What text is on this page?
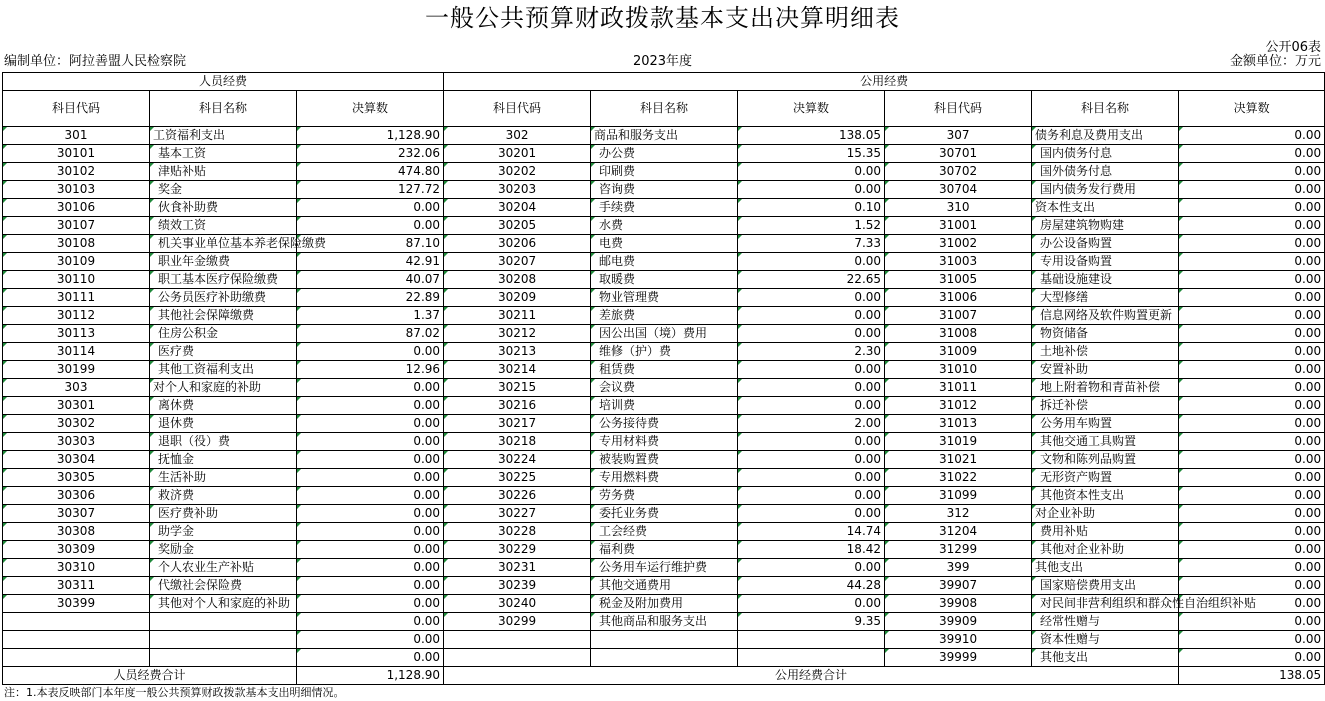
一般公共预算财政拨款基本支出决算明细表
公开06表
编制单位：阿拉善盟人民检察院	2023年度	金额单位：万元
人员经费			公用经费					
科目代码	科目名称	决算数	科目代码	科目名称	决算数	科目代码	科目名称	决算数
301	工资福利支出	1,128.90	302	商品和服务支出	138.05	307	债务利息及费用支出	0.00
30101	基本工资	232.06	30201	办公费	15.35	30701	国内债务付息	0.00
30102	津贴补贴	474.80	30202	印刷费	0.00	30702	国外债务付息	0.00
30103	奖金	127.72	30203	咨询费	0.00	30704	国内债务发行费用	0.00
30106	伙食补助费	0.00	30204	手续费	0.10	310	资本性支出	0.00
30107	绩效工资	0.00	30205	水费	1.52	31001	房屋建筑物购建	0.00
30108	机关事业单位基本养老保险缴费	87.10	30206	电费	7.33	31002	办公设备购置	0.00
30109	职业年金缴费	42.91	30207	邮电费	0.00	31003	专用设备购置	0.00
30110	职工基本医疗保险缴费	40.07	30208	取暖费	22.65	31005	基础设施建设	0.00
30111	公务员医疗补助缴费	22.89	30209	物业管理费	0.00	31006	大型修缮	0.00
30112	其他社会保障缴费	1.37	30211	差旅费	0.00	31007	信息网络及软件购置更新	0.00
30113	住房公积金	87.02	30212	因公出国（境）费用	0.00	31008	物资储备	0.00
30114	医疗费	0.00	30213	维修（护）费	2.30	31009	土地补偿	0.00
30199	其他工资福利支出	12.96	30214	租赁费	0.00	31010	安置补助	0.00
303	对个人和家庭的补助	0.00	30215	会议费	0.00	31011	地上附着物和青苗补偿	0.00
30301	离休费	0.00	30216	培训费	0.00	31012	拆迁补偿	0.00
30302	退休费	0.00	30217	公务接待费	2.00	31013	公务用车购置	0.00
30303	退职（役）费	0.00	30218	专用材料费	0.00	31019	其他交通工具购置	0.00
30304	抚恤金	0.00	30224	被装购置费	0.00	31021	文物和陈列品购置	0.00
30305	生活补助	0.00	30225	专用燃料费	0.00	31022	无形资产购置	0.00
30306	救济费	0.00	30226	劳务费	0.00	31099	其他资本性支出	0.00
30307	医疗费补助	0.00	30227	委托业务费	0.00	312	对企业补助	0.00
30308	助学金	0.00	30228	工会经费	14.74	31204	费用补贴	0.00
30309	奖励金	0.00	30229	福利费	18.42	31299	其他对企业补助	0.00
30310	个人农业生产补贴	0.00	30231	公务用车运行维护费	0.00	399	其他支出	0.00
30311	代缴社会保险费	0.00	30239	其他交通费用	44.28	39907	国家赔偿费用支出	0.00
30399	其他对个人和家庭的补助	0.00	30240	税金及附加费用	0.00	39908	对民间非营利组织和群众性自治组织补贴	0.00
		0.00	30299	其他商品和服务支出	9.35	39909	经常性赠与	0.00
		0.00				39910	资本性赠与	0.00
		0.00				39999	其他支出	0.00
人员经费合计		1,128.90	公用经费合计					138.05
注：1.本表反映部门本年度一般公共预算财政拨款基本支出明细情况。
